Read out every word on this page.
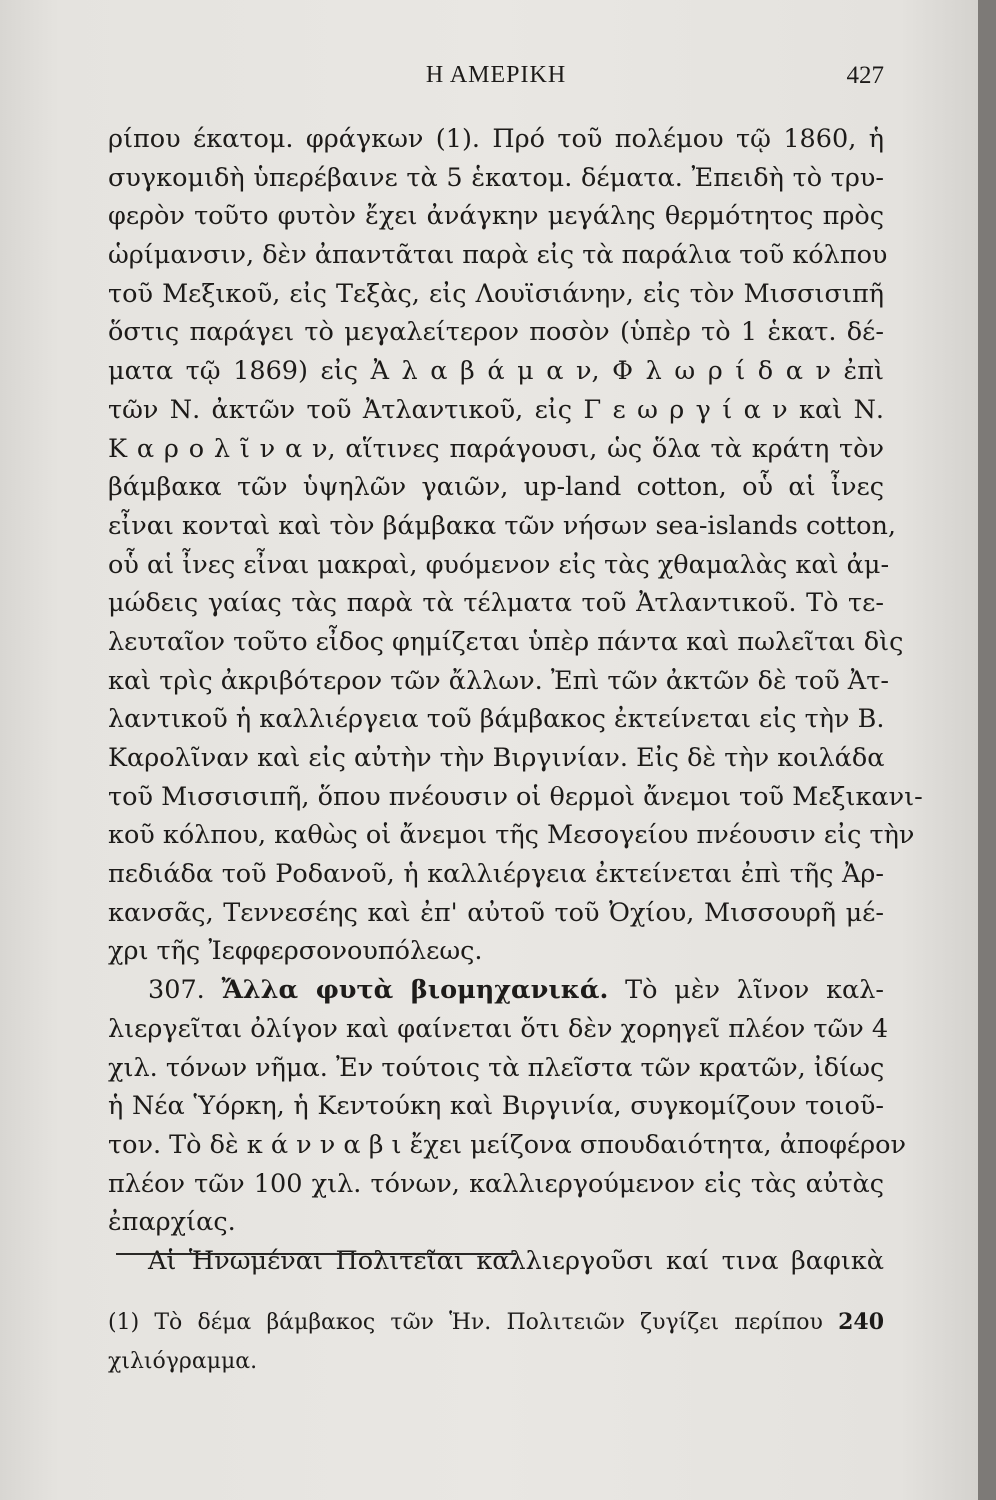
Η ΑΜΕΡΙΚΗ	427
ρίπου έκατομ. φράγκων (1). Πρό τοῦ πολέμου τῷ 1860, ἡ
συγκομιδὴ ὑπερέβαινε τὰ 5 ἑκατομ. δέματα. Ἐπειδὴ τὸ τρυ-
φερὸν τοῦτο φυτὸν ἔχει ἀνάγκην μεγάλης θερμότητος πρὸς
ὡρίμανσιν, δὲν ἀπαντᾶται παρὰ εἰς τὰ παράλια τοῦ κόλπου
τοῦ Μεξικοῦ, εἰς Τεξὰς, εἰς Λουϊσιάνην, εἰς τὸν Μισσισιπῆ
ὅστις παράγει τὸ μεγαλείτερον ποσὸν (ὑπὲρ τὸ 1 ἑκατ. δέ-
ματα τῷ 1869) εἰς Ἀ λ α β ά μ α ν, Φ λ ω ρ ί δ α ν ἐπὶ
τῶν Ν. ἀκτῶν τοῦ Ἀτλαντικοῦ, εἰς Γ ε ω ρ γ ί α ν καὶ Ν.
Κ α ρ ο λ ῖ ν α ν, αἵτινες παράγουσι, ὡς ὅλα τὰ κράτη τὸν
βάμβακα τῶν ὑψηλῶν γαιῶν, up-land cotton, οὗ αἱ ἶνες
εἶναι κονταὶ καὶ τὸν βάμβακα τῶν νήσων sea-islands cotton,
οὗ αἱ ἶνες εἶναι μακραὶ, φυόμενον εἰς τὰς χθαμαλὰς καὶ ἀμ-
μώδεις γαίας τὰς παρὰ τὰ τέλματα τοῦ Ἀτλαντικοῦ. Τὸ τε-
λευταῖον τοῦτο εἶδος φημίζεται ὑπὲρ πάντα καὶ πωλεῖται δὶς
καὶ τρὶς ἀκριβότερον τῶν ἄλλων. Ἐπὶ τῶν ἀκτῶν δὲ τοῦ Ἀτ-
λαντικοῦ ἡ καλλιέργεια τοῦ βάμβακος ἐκτείνεται εἰς τὴν Β.
Καρολῖναν καὶ εἰς αὐτὴν τὴν Βιργινίαν. Εἰς δὲ τὴν κοιλάδα
τοῦ Μισσισιπῆ, ὅπου πνέουσιν οἱ θερμοὶ ἄνεμοι τοῦ Μεξικανι-
κοῦ κόλπου, καθὼς οἱ ἄνεμοι τῆς Μεσογείου πνέουσιν εἰς τὴν
πεδιάδα τοῦ Ροδανοῦ, ἡ καλλιέργεια ἐκτείνεται ἐπὶ τῆς Ἀρ-
κανσᾶς, Τεννεσέης καὶ ἐπ' αὐτοῦ τοῦ Ὀχίου, Μισσουρῆ μέ-
χρι τῆς Ἰεφφερσονουπόλεως.
307. Ἄλλα φυτὰ βιομηχανικά. Τὸ μὲν λῖνον καλ-
λιεργεῖται ὀλίγον καὶ φαίνεται ὅτι δὲν χορηγεῖ πλέον τῶν 4
χιλ. τόνων νῆμα. Ἐν τούτοις τὰ πλεῖστα τῶν κρατῶν, ἰδίως
ἡ Νέα Ὑόρκη, ἡ Κεντούκη καὶ Βιργινία, συγκομίζουν τοιοῦ-
τον. Τὸ δὲ κ ά ν ν α β ι ἔχει μείζονα σπουδαιότητα, ἀποφέρον
πλέον τῶν 100 χιλ. τόνων, καλλιεργούμενον εἰς τὰς αὐτὰς
ἐπαρχίας.
Αἱ Ἡνωμέναι Πολιτεῖαι καλλιεργοῦσι καί τινα βαφικὰ
(1) Τὸ δέμα βάμβακος τῶν Ἡν. Πολιτειῶν ζυγίζει περίπου 240
χιλιόγραμμα.
